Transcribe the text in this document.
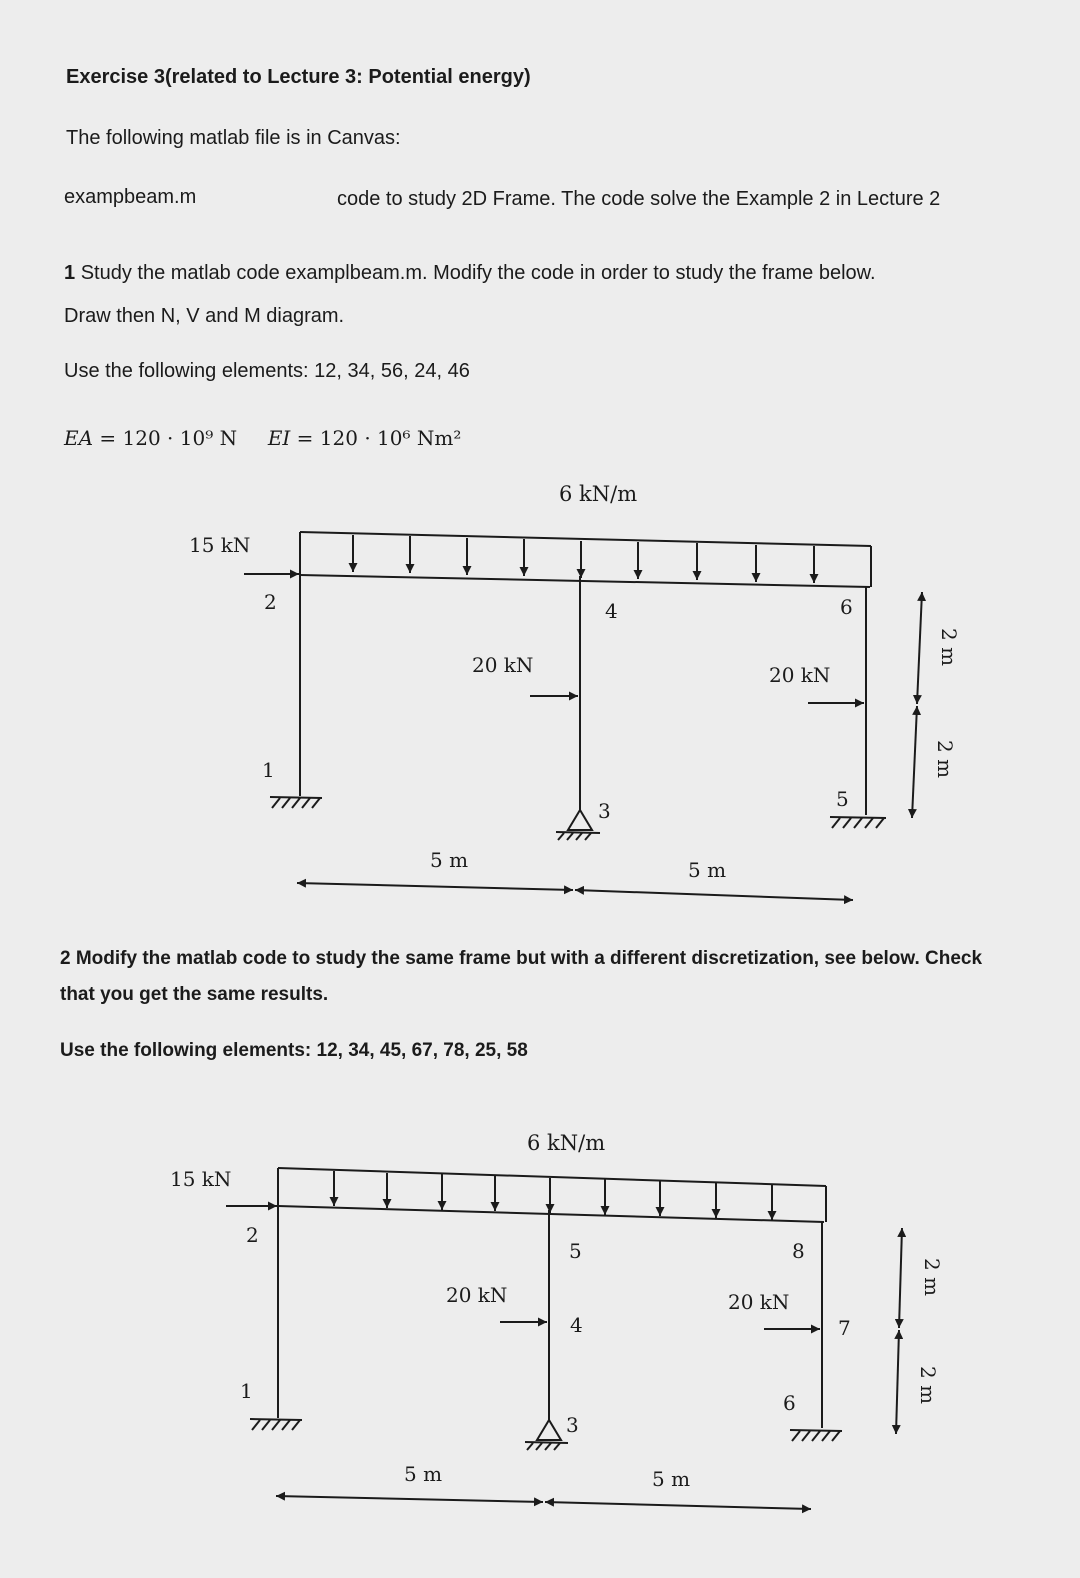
Exercise 3(related to Lecture 3: Potential energy)
The following matlab file is in Canvas:
exampbeam.m	code to study 2D Frame. The code solve the Example 2 in Lecture 2
1 Study the matlab code examplbeam.m. Modify the code in order to study the frame below.
Draw then N, V and M diagram.
Use the following elements: 12, 34, 56, 24, 46
EA = 120 · 10⁹ N EI = 120 · 10⁶ Nm²
6 kN/m
15 kN
20 kN	20 kN
5 m	5 m
2 m
2 m
1
2
3
4
5
6
2 Modify the matlab code to study the same frame but with a different discretization, see below. Check
that you get the same results.
Use the following elements: 12, 34, 45, 67, 78, 25, 58
6 kN/m
15 kN
20 kN	20 kN
5 m	5 m
2 m
2 m
1
2
3
4
5
6
7
8
